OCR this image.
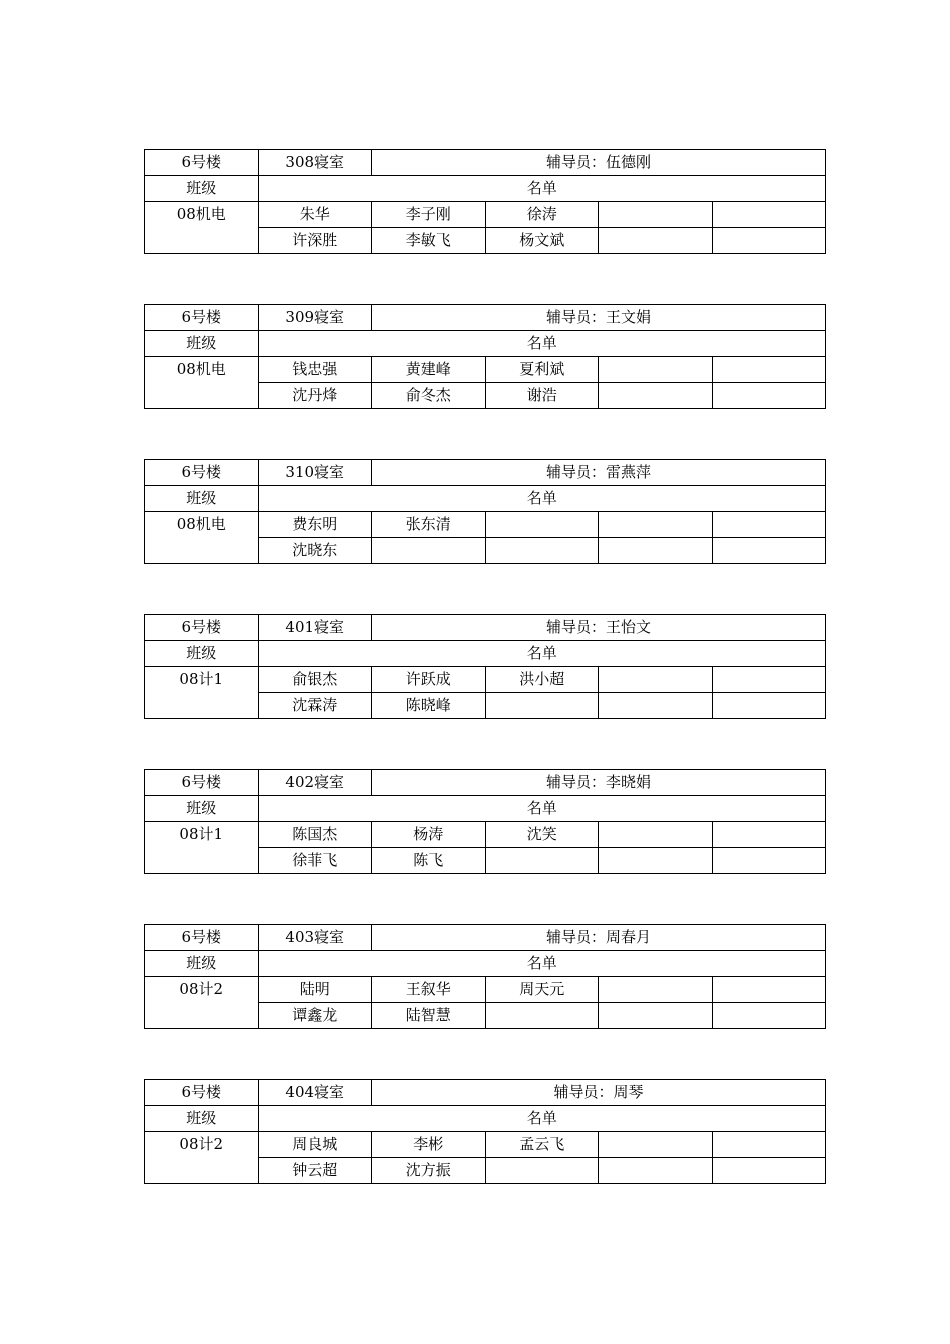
6号楼	308寝室	辅导员：伍德刚			
班级	名单				
08机电	朱华	李子刚	徐涛		
	许深胜	李敏飞	杨文斌		
6号楼	309寝室	辅导员：王文娟			
班级	名单				
08机电	钱忠强	黄建峰	夏利斌		
	沈丹烽	俞冬杰	谢浩		
6号楼	310寝室	辅导员：雷燕萍			
班级	名单				
08机电	费东明	张东清			
	沈晓东				
6号楼	401寝室	辅导员：王怡文			
班级	名单				
08计1	俞银杰	许跃成	洪小超		
	沈霖涛	陈晓峰			
6号楼	402寝室	辅导员：李晓娟			
班级	名单				
08计1	陈国杰	杨涛	沈笑		
	徐菲飞	陈飞			
6号楼	403寝室	辅导员：周春月			
班级	名单				
08计2	陆明	王叙华	周天元		
	谭鑫龙	陆智慧			
6号楼	404寝室	辅导员：周琴			
班级	名单				
08计2	周良城	李彬	孟云飞		
	钟云超	沈方振			
